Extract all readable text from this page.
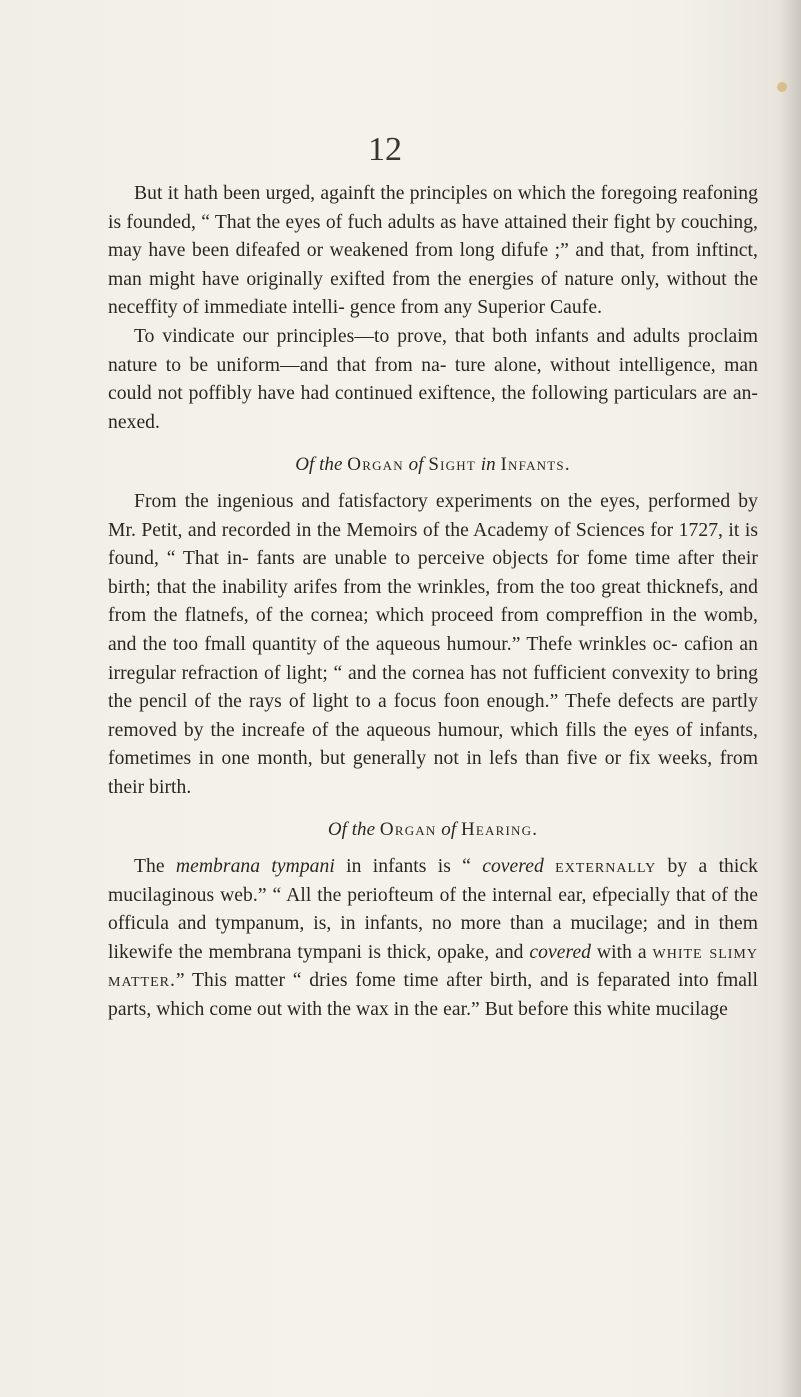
12

But it hath been urged, againft the principles on which the foregoing reafoning is founded, “ That the eyes of fuch adults as have attained their fight by couching, may have been difeafed or weakened from long difufe ;” and that, from inftinct, man might have originally exifted from the energies of nature only, without the neceffity of immediate intelli- gence from any Superior Caufe.

To vindicate our principles—to prove, that both infants and adults proclaim nature to be uniform—and that from na- ture alone, without intelligence, man could not poffibly have had continued exiftence, the following particulars are an- nexed.

Of the Organ of Sight in Infants.

From the ingenious and fatisfactory experiments on the eyes, performed by Mr. Petit, and recorded in the Memoirs of the Academy of Sciences for 1727, it is found, “ That in- fants are unable to perceive objects for fome time after their birth; that the inability arifes from the wrinkles, from the too great thicknefs, and from the flatnefs, of the cornea; which proceed from compreffion in the womb, and the too fmall quantity of the aqueous humour.” Thefe wrinkles oc- cafion an irregular refraction of light; “ and the cornea has not fufficient convexity to bring the pencil of the rays of light to a focus foon enough.” Thefe defects are partly removed by the increafe of the aqueous humour, which fills the eyes of infants, fometimes in one month, but generally not in lefs than five or fix weeks, from their birth.

Of the Organ of Hearing.

The membrana tympani in infants is “ covered externally by a thick mucilaginous web.” “ All the periofteum of the internal ear, efpecially that of the officula and tympanum, is, in infants, no more than a mucilage; and in them likewife the membrana tympani is thick, opake, and covered with a white slimy matter.” This matter “ dries fome time after birth, and is feparated into fmall parts, which come out with the wax in the ear.” But before this white mucilage
